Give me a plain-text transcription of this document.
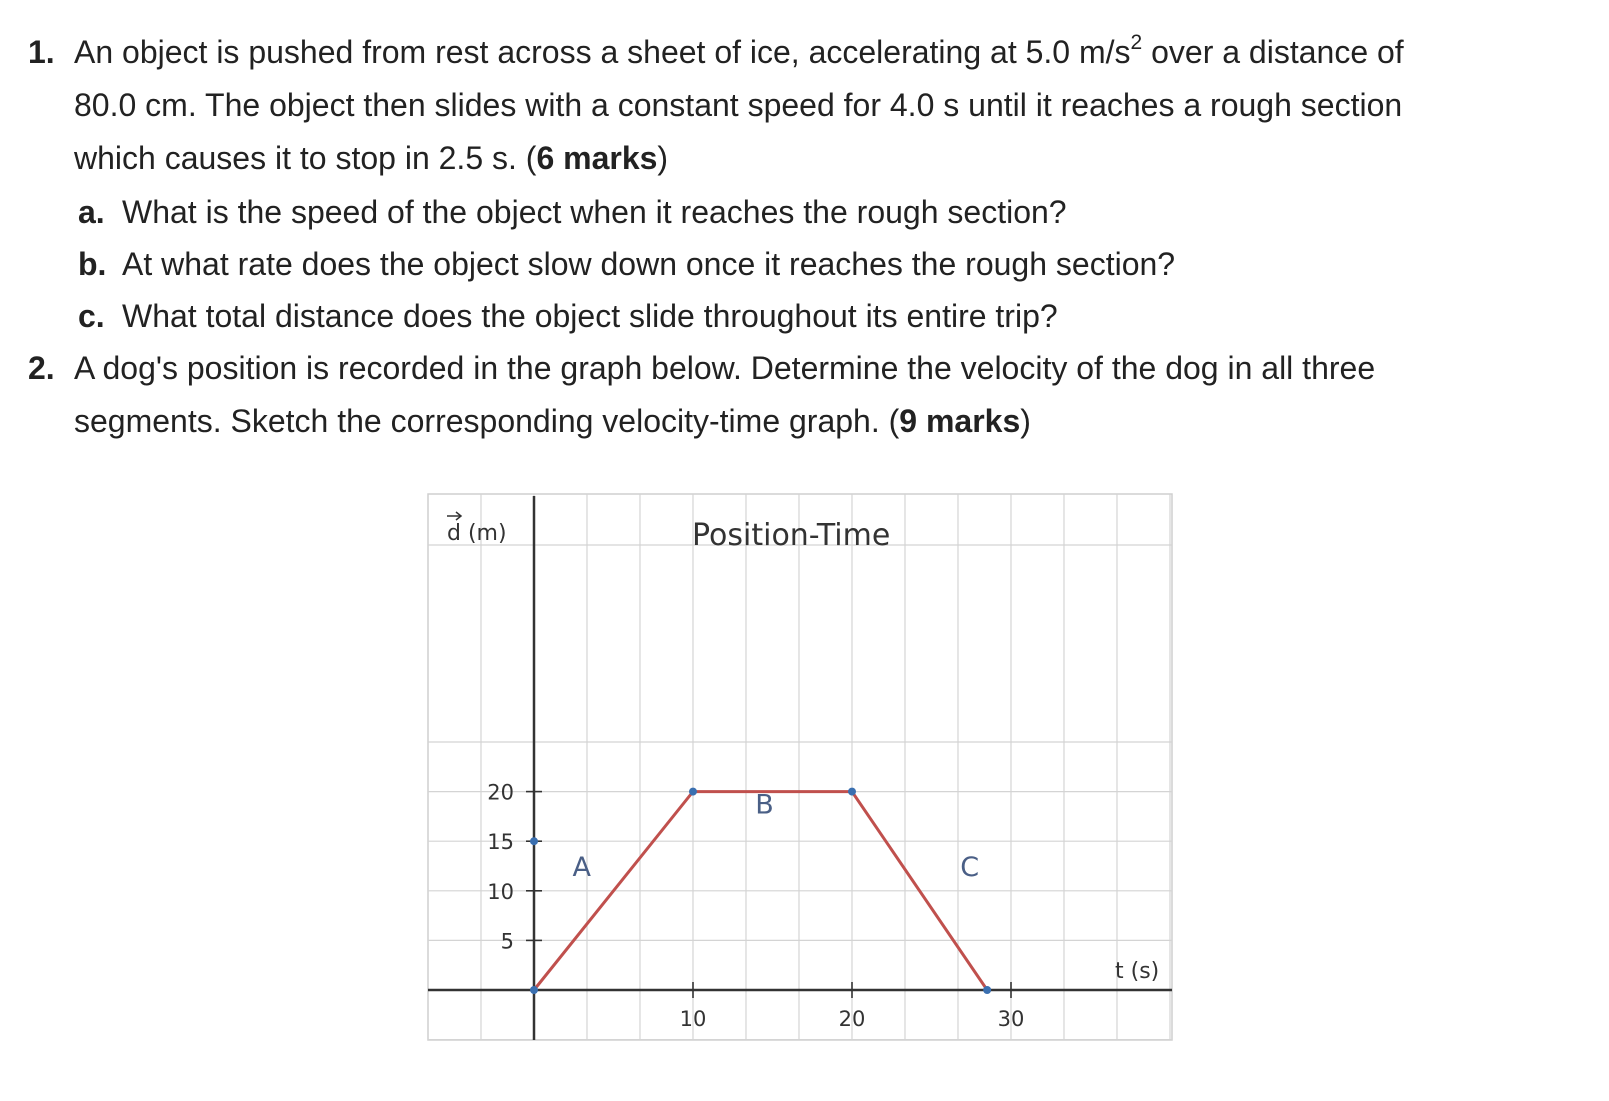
1. An object is pushed from rest across a sheet of ice, accelerating at 5.0 $m/s^2$ over a distance of
80.0 cm. The object then slides with a constant speed for 4.0 s until it reaches a rough section
which causes it to stop in 2.5 s. (6 marks)
a. What is the speed of the object when it reaches the rough section?
b. At what rate does the object slow down once it reaches the rough section?
c. What total distance does the object slide throughout its entire trip?
2. A dog's position is recorded in the graph below. Determine the velocity of the dog in all three
segments. Sketch the corresponding velocity-time graph. (9 marks)
5
10
15
20
10	20	30
d (m)
t (s)
Position-Time
A
B
C
